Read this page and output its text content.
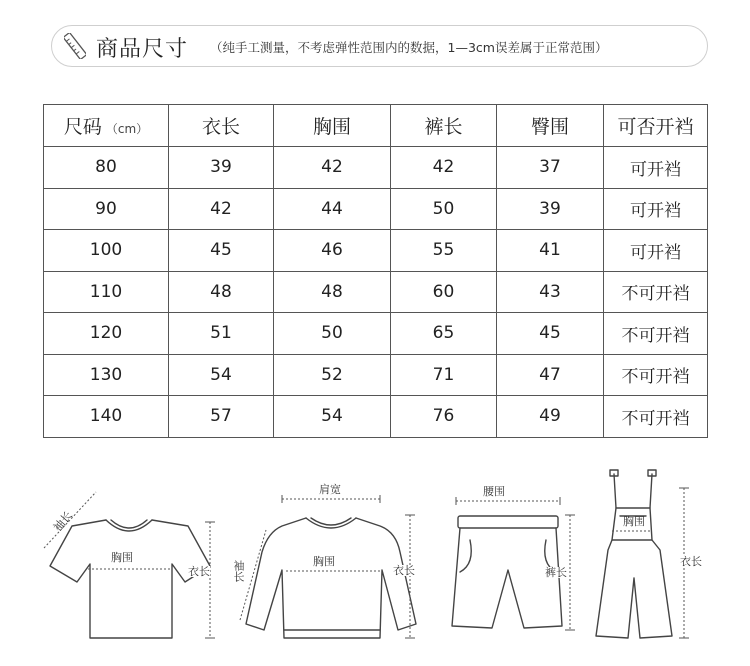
商品尺寸 （纯手工测量，不考虑弹性范围内的数据，1—3cm误差属于正常范围）
尺码 （cm）	衣长	胸围	裤长	臀围	可否开裆
80	39	42	42	37	可开裆
90	42	44	50	39	可开裆
100	45	46	55	41	可开裆
110	48	48	60	43	不可开裆
120	51	50	65	45	不可开裆
130	54	52	71	47	不可开裆
140	57	54	76	49	不可开裆
袖长
胸围
衣长
肩宽
袖长	胸围
衣长
腰围
裤长
胸围
衣长
